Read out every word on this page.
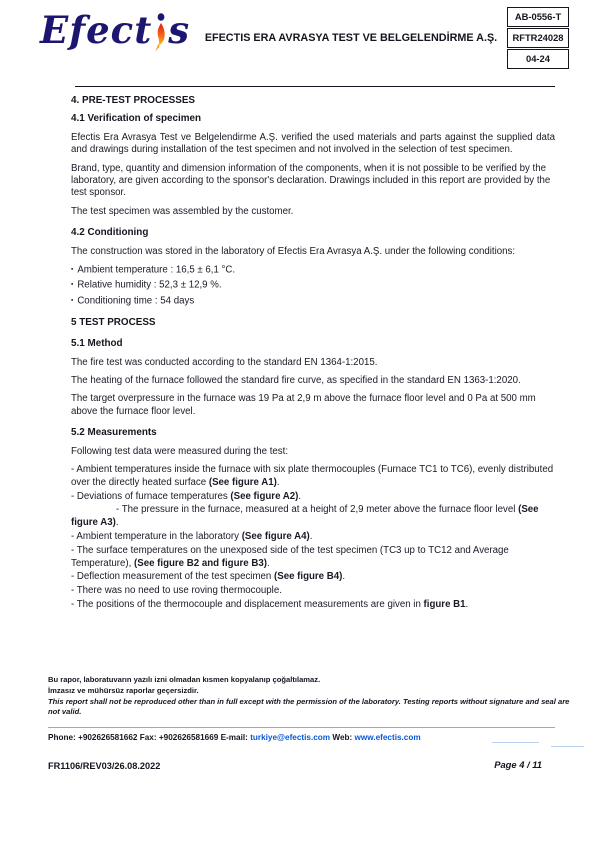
Efect s	EFECTIS ERA AVRASYA TEST VE BELGELENDİRME A.Ş.
AB-0556-T
RFTR24028
04-24
4. PRE-TEST PROCESSES
4.1 Verification of specimen

Efectis Era Avrasya Test ve Belgelendirme A.Ş. verified the used materials and parts against the supplied data and drawings during installation of the test specimen and not involved in the selection of test specimen.

Brand, type, quantity and dimension information of the components, when it is not possible to be verified by the laboratory, are given according to the sponsor's declaration. Drawings included in this report are provided by the test sponsor.

The test specimen was assembled by the customer.

4.2 Conditioning

The construction was stored in the laboratory of Efectis Era Avrasya A.Ş. under the following conditions:

▪ Ambient temperature : 16,5 ± 6,1 °C.
▪ Relative humidity : 52,3 ± 12,9 %.
▪ Conditioning time : 54 days
5 TEST PROCESS
5.1 Method

The fire test was conducted according to the standard EN 1364-1:2015.

The heating of the furnace followed the standard fire curve, as specified in the standard EN 1363-1:2020.

The target overpressure in the furnace was 19 Pa at 2,9 m above the furnace floor level and 0 Pa at 500 mm above the furnace floor level.

5.2 Measurements

Following test data were measured during the test:

- Ambient temperatures inside the furnace with six plate thermocouples (Furnace TC1 to TC6), evenly distributed over the directly heated surface (See figure A1).

- Deviations of furnace temperatures (See figure A2).

- The pressure in the furnace, measured at a height of 2,9 meter above the furnace floor level (See figure A3).

- Ambient temperature in the laboratory (See figure A4).

- The surface temperatures on the unexposed side of the test specimen (TC3 up to TC12 and Average Temperature), (See figure B2 and figure B3).

- Deflection measurement of the test specimen (See figure B4).

- There was no need to use roving thermocouple.

- The positions of the thermocouple and displacement measurements are given in figure B1.

Bu rapor, laboratuvarın yazılı izni olmadan kısmen kopyalanıp çoğaltılamaz.
İmzasız ve mühürsüz raporlar geçersizdir.
This report shall not be reproduced other than in full except with the permission of the laboratory. Testing reports without signature and seal are not valid.
Phone: +902626581662 Fax: +902626581669 E-mail: turkiye@efectis.com Web: www.efectis.com
FR1106/REV03/26.08.2022	Page 4 / 11
